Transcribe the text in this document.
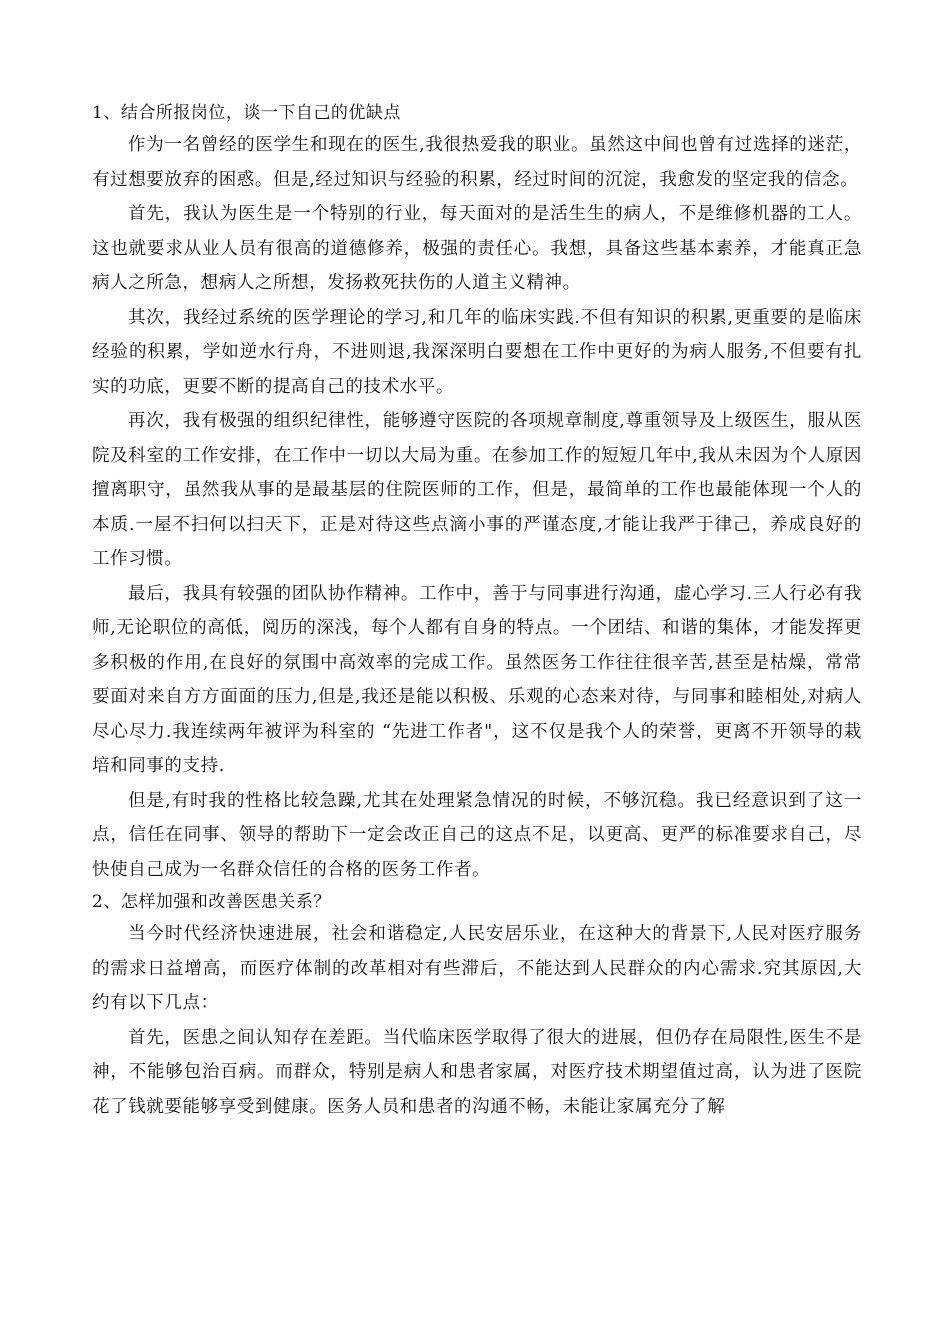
1、结合所报岗位，谈一下自己的优缺点

作为一名曾经的医学生和现在的医生,我很热爱我的职业。虽然这中间也曾有过选择的迷茫，有过想要放弃的困惑。但是,经过知识与经验的积累，经过时间的沉淀，我愈发的坚定我的信念。

首先，我认为医生是一个特别的行业，每天面对的是活生生的病人，不是维修机器的工人。这也就要求从业人员有很高的道德修养，极强的责任心。我想，具备这些基本素养，才能真正急病人之所急，想病人之所想，发扬救死扶伤的人道主义精神。

其次，我经过系统的医学理论的学习,和几年的临床实践.不但有知识的积累,更重要的是临床经验的积累，学如逆水行舟，不进则退,我深深明白要想在工作中更好的为病人服务,不但要有扎实的功底，更要不断的提高自己的技术水平。

再次，我有极强的组织纪律性，能够遵守医院的各项规章制度,尊重领导及上级医生，服从医院及科室的工作安排，在工作中一切以大局为重。在参加工作的短短几年中,我从未因为个人原因擅离职守，虽然我从事的是最基层的住院医师的工作，但是，最简单的工作也最能体现一个人的本质.一屋不扫何以扫天下，正是对待这些点滴小事的严谨态度,才能让我严于律己，养成良好的工作习惯。

最后，我具有较强的团队协作精神。工作中，善于与同事进行沟通，虚心学习.三人行必有我师,无论职位的高低，阅历的深浅，每个人都有自身的特点。一个团结、和谐的集体，才能发挥更多积极的作用,在良好的氛围中高效率的完成工作。虽然医务工作往往很辛苦,甚至是枯燥，常常要面对来自方方面面的压力,但是,我还是能以积极、乐观的心态来对待，与同事和睦相处,对病人尽心尽力.我连续两年被评为科室的 “先进工作者"，这不仅是我个人的荣誉，更离不开领导的栽培和同事的支持.

但是,有时我的性格比较急躁,尤其在处理紧急情况的时候，不够沉稳。我已经意识到了这一点，信任在同事、领导的帮助下一定会改正自己的这点不足，以更高、更严的标准要求自己，尽快使自己成为一名群众信任的合格的医务工作者。

2、怎样加强和改善医患关系？

当今时代经济快速进展，社会和谐稳定,人民安居乐业，在这种大的背景下,人民对医疗服务的需求日益增高，而医疗体制的改革相对有些滞后，不能达到人民群众的内心需求.究其原因,大约有以下几点：

首先，医患之间认知存在差距。当代临床医学取得了很大的进展，但仍存在局限性,医生不是神，不能够包治百病。而群众，特别是病人和患者家属，对医疗技术期望值过高，认为进了医院花了钱就要能够享受到健康。医务人员和患者的沟通不畅，未能让家属充分了解
